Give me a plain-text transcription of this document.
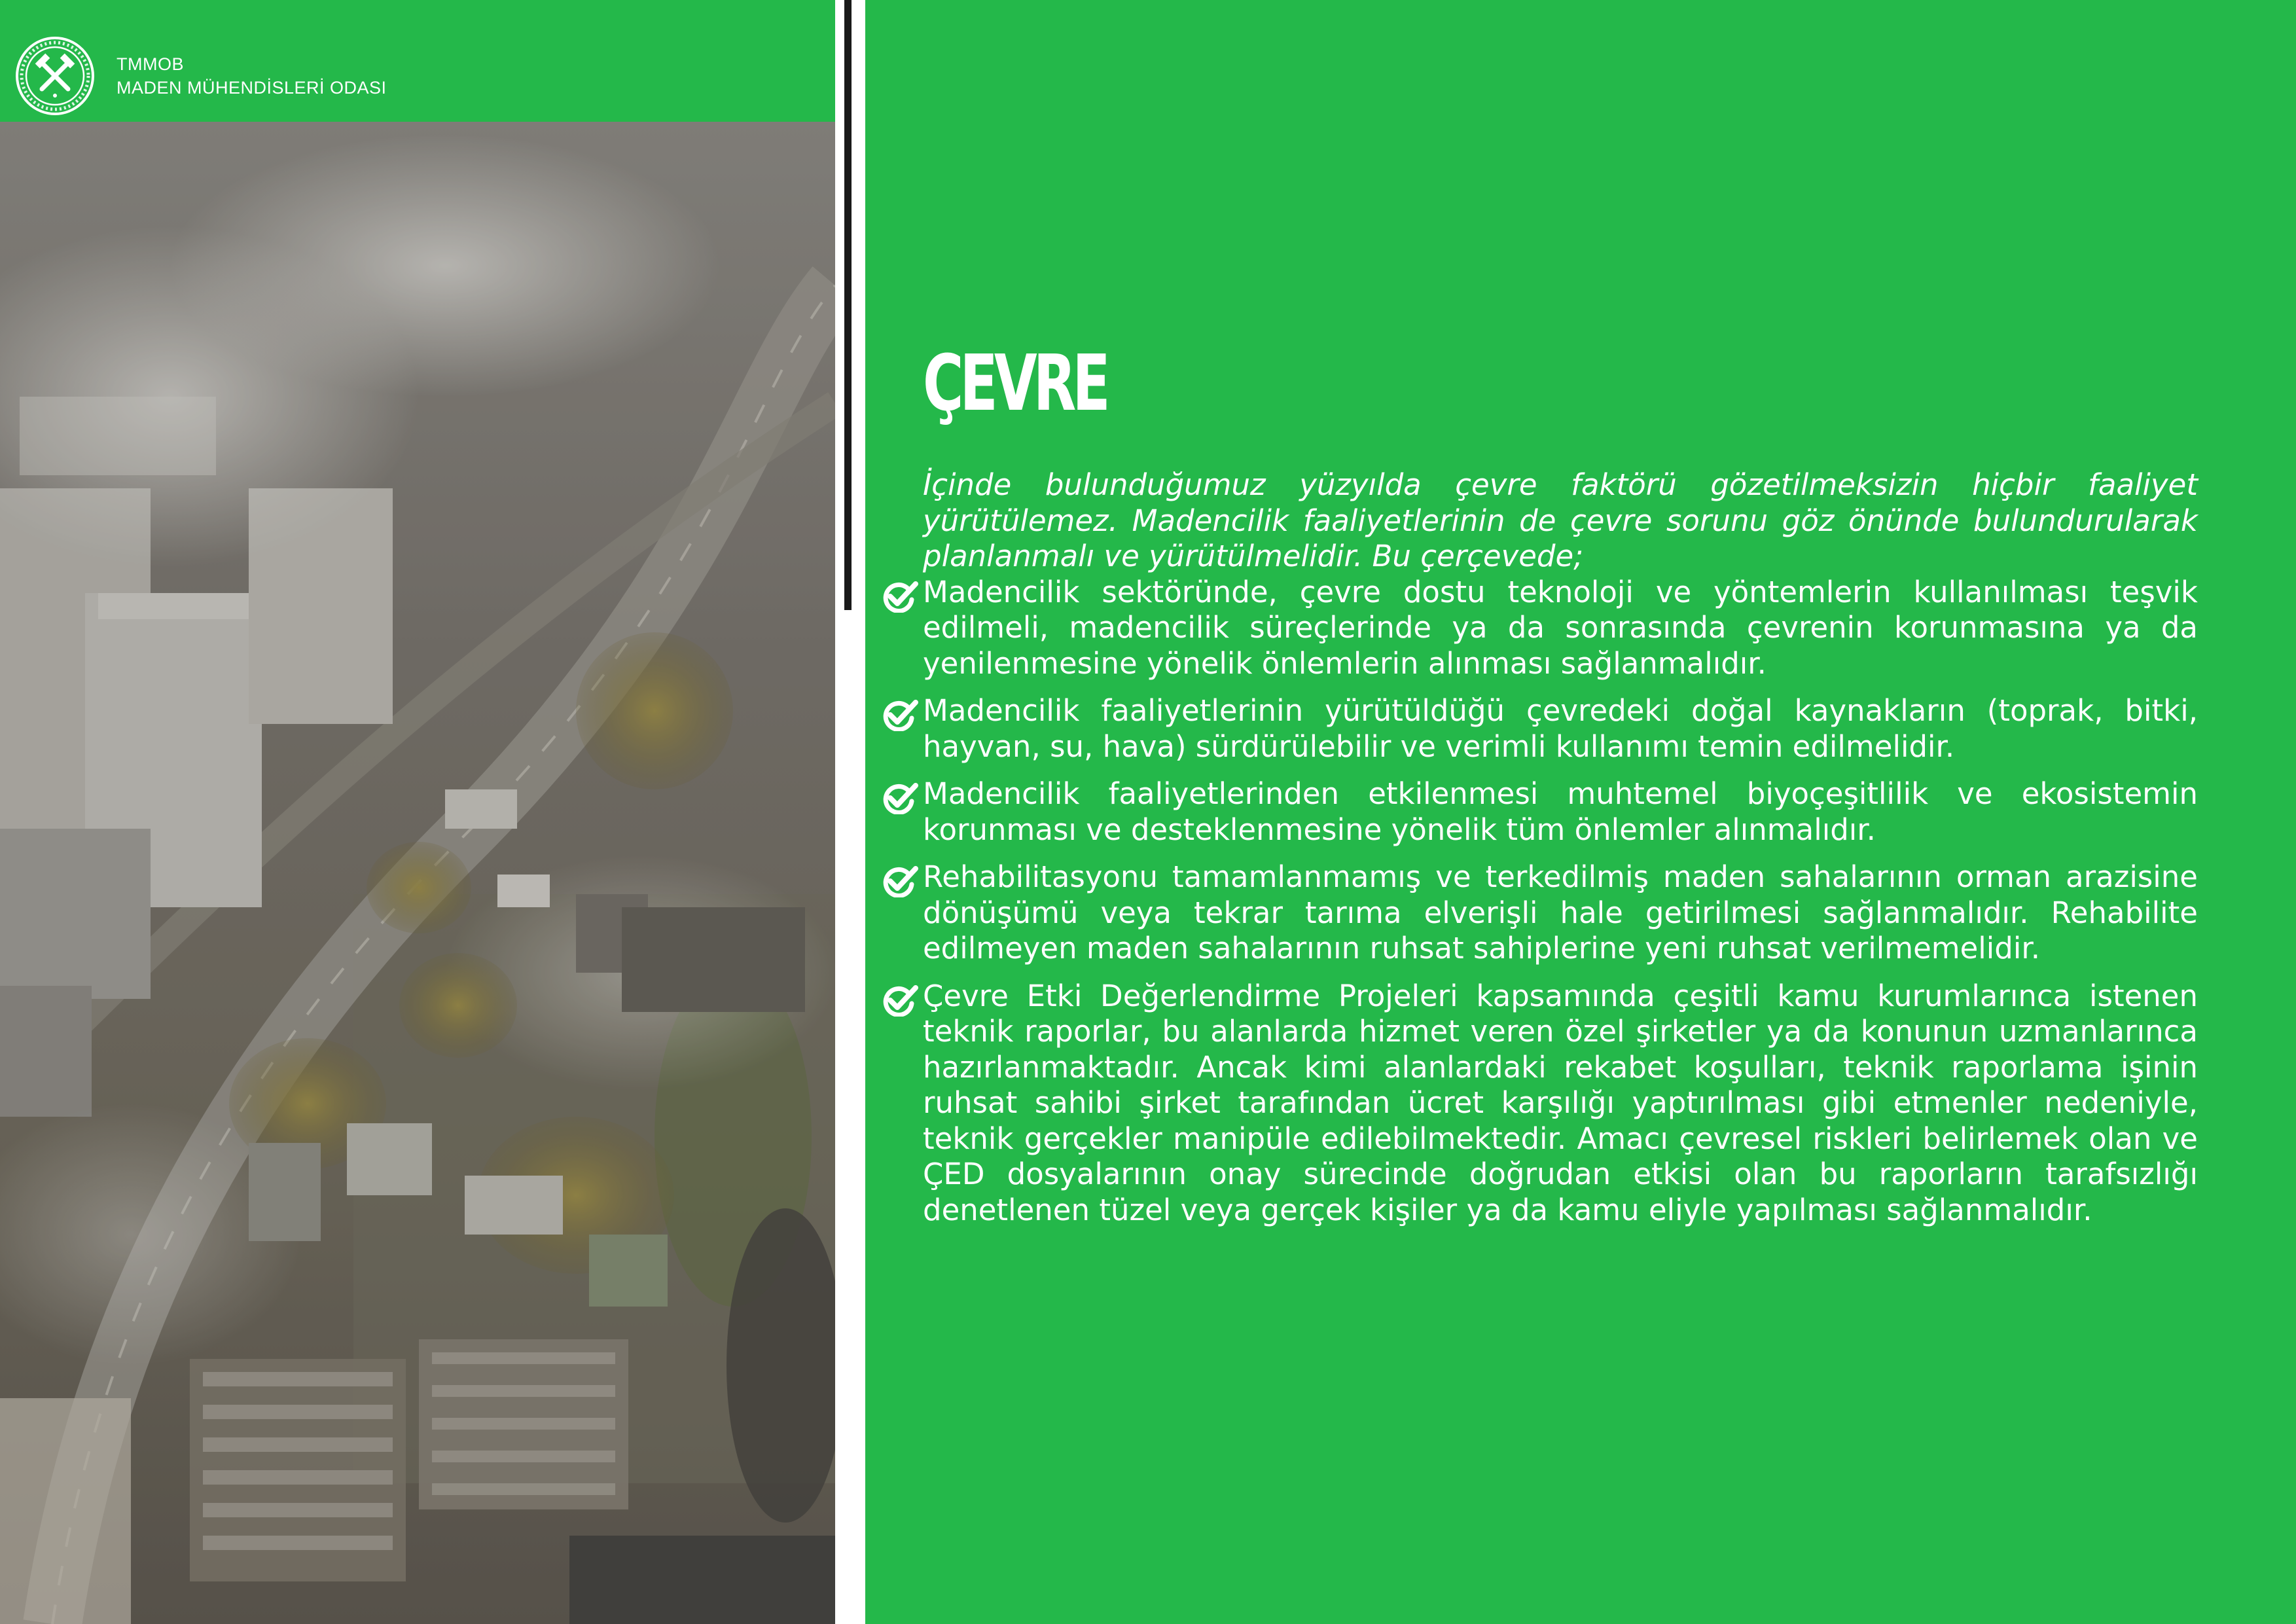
TMMOB
MADEN MÜHENDİSLERİ ODASI
ÇEVRE

İçinde bulunduğumuz yüzyılda çevre faktörü gözetilmeksizin hiçbir faaliyet yürütülemez. Madencilik faaliyetlerinin de çevre sorunu göz önünde bulundurularak planlanmalı ve yürütülmelidir. Bu çerçevede;

Madencilik sektöründe, çevre dostu teknoloji ve yöntemlerin kullanılması teşvik edilmeli, madencilik süreçlerinde ya da sonrasında çevrenin korunmasına ya da yenilenmesine yönelik önlemlerin alınması sağlanmalıdır.

Madencilik faaliyetlerinin yürütüldüğü çevredeki doğal kaynakların (toprak, bitki, hayvan, su, hava) sürdürülebilir ve verimli kullanımı temin edilmelidir.

Madencilik faaliyetlerinden etkilenmesi muhtemel biyoçeşitlilik ve ekosistemin korunması ve desteklenmesine yönelik tüm önlemler alınmalıdır.

Rehabilitasyonu tamamlanmamış ve terkedilmiş maden sahalarının orman arazisine dönüşümü veya tekrar tarıma elverişli hale getirilmesi sağlanmalıdır. Rehabilite edilmeyen maden sahalarının ruhsat sahiplerine yeni ruhsat verilmemelidir.

Çevre Etki Değerlendirme Projeleri kapsamında çeşitli kamu kurumlarınca istenen teknik raporlar, bu alanlarda hizmet veren özel şirketler ya da konunun uzmanlarınca hazırlanmaktadır. Ancak kimi alanlardaki rekabet koşulları, teknik raporlama işinin ruhsat sahibi şirket tarafından ücret karşılığı yaptırılması gibi etmenler nedeniyle, teknik gerçekler manipüle edilebilmektedir. Amacı çevresel riskleri belirlemek olan ve ÇED dosyalarının onay sürecinde doğrudan etkisi olan bu raporların tarafsızlığı denetlenen tüzel veya gerçek kişiler ya da kamu eliyle yapılması sağlanmalıdır.
